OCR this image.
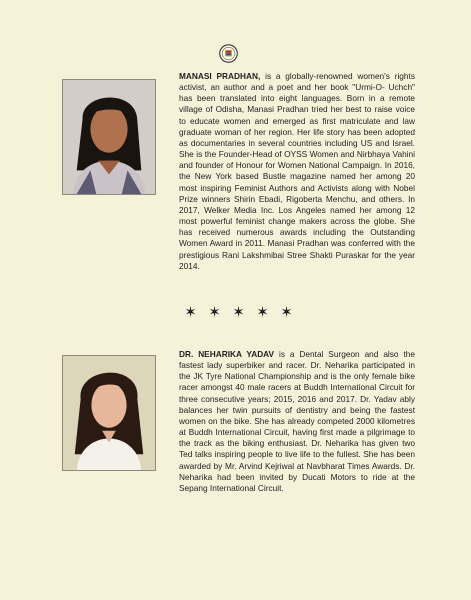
MANASI PRADHAN, is a globally-renowned women's rights activist, an author and a poet and her book "Urmi-O- Uchch" has been translated into eight languages. Born in a remote village of Odisha, Manasi Pradhan tried her best to raise voice to educate women and emerged as first matriculate and law graduate woman of her region. Her life story has been adopted as documentaries in several countries including US and Israel. She is the Founder-Head of OYSS Women and Nirbhaya Vahini and founder of Honour for Women National Campaign. In 2016, the New York based Bustle magazine named her among 20 most inspiring Feminist Authors and Activists along with Nobel Prize winners Shirin Ebadi, Rigoberta Menchu, and others. In 2017, Welker Media Inc. Los Angeles named her among 12 most powerful feminist change makers across the globe. She has received numerous awards including the Outstanding Women Award in 2011. Manasi Pradhan was conferred with the prestigious Rani Lakshmibai Stree Shakti Puraskar for the year 2014.

✶ ✶ ✶ ✶ ✶

DR. NEHARIKA YADAV is a Dental Surgeon and also the fastest lady superbiker and racer. Dr. Neharika participated in the JK Tyre National Championship and is the only female bike racer amongst 40 male racers at Buddh International Circuit for three consecutive years; 2015, 2016 and 2017. Dr. Yadav ably balances her twin pursuits of dentistry and being the fastest women on the bike. She has already competed 2000 kilometres at Buddh International Circuit, having first made a pilgrimage to the track as the biking enthusiast. Dr. Neharika has given two Ted talks inspiring people to live life to the fullest. She has been awarded by Mr. Arvind Kejriwal at Navbharat Times Awards. Dr. Neharika had been invited by Ducati Motors to ride at the Sepang International Circuit.
